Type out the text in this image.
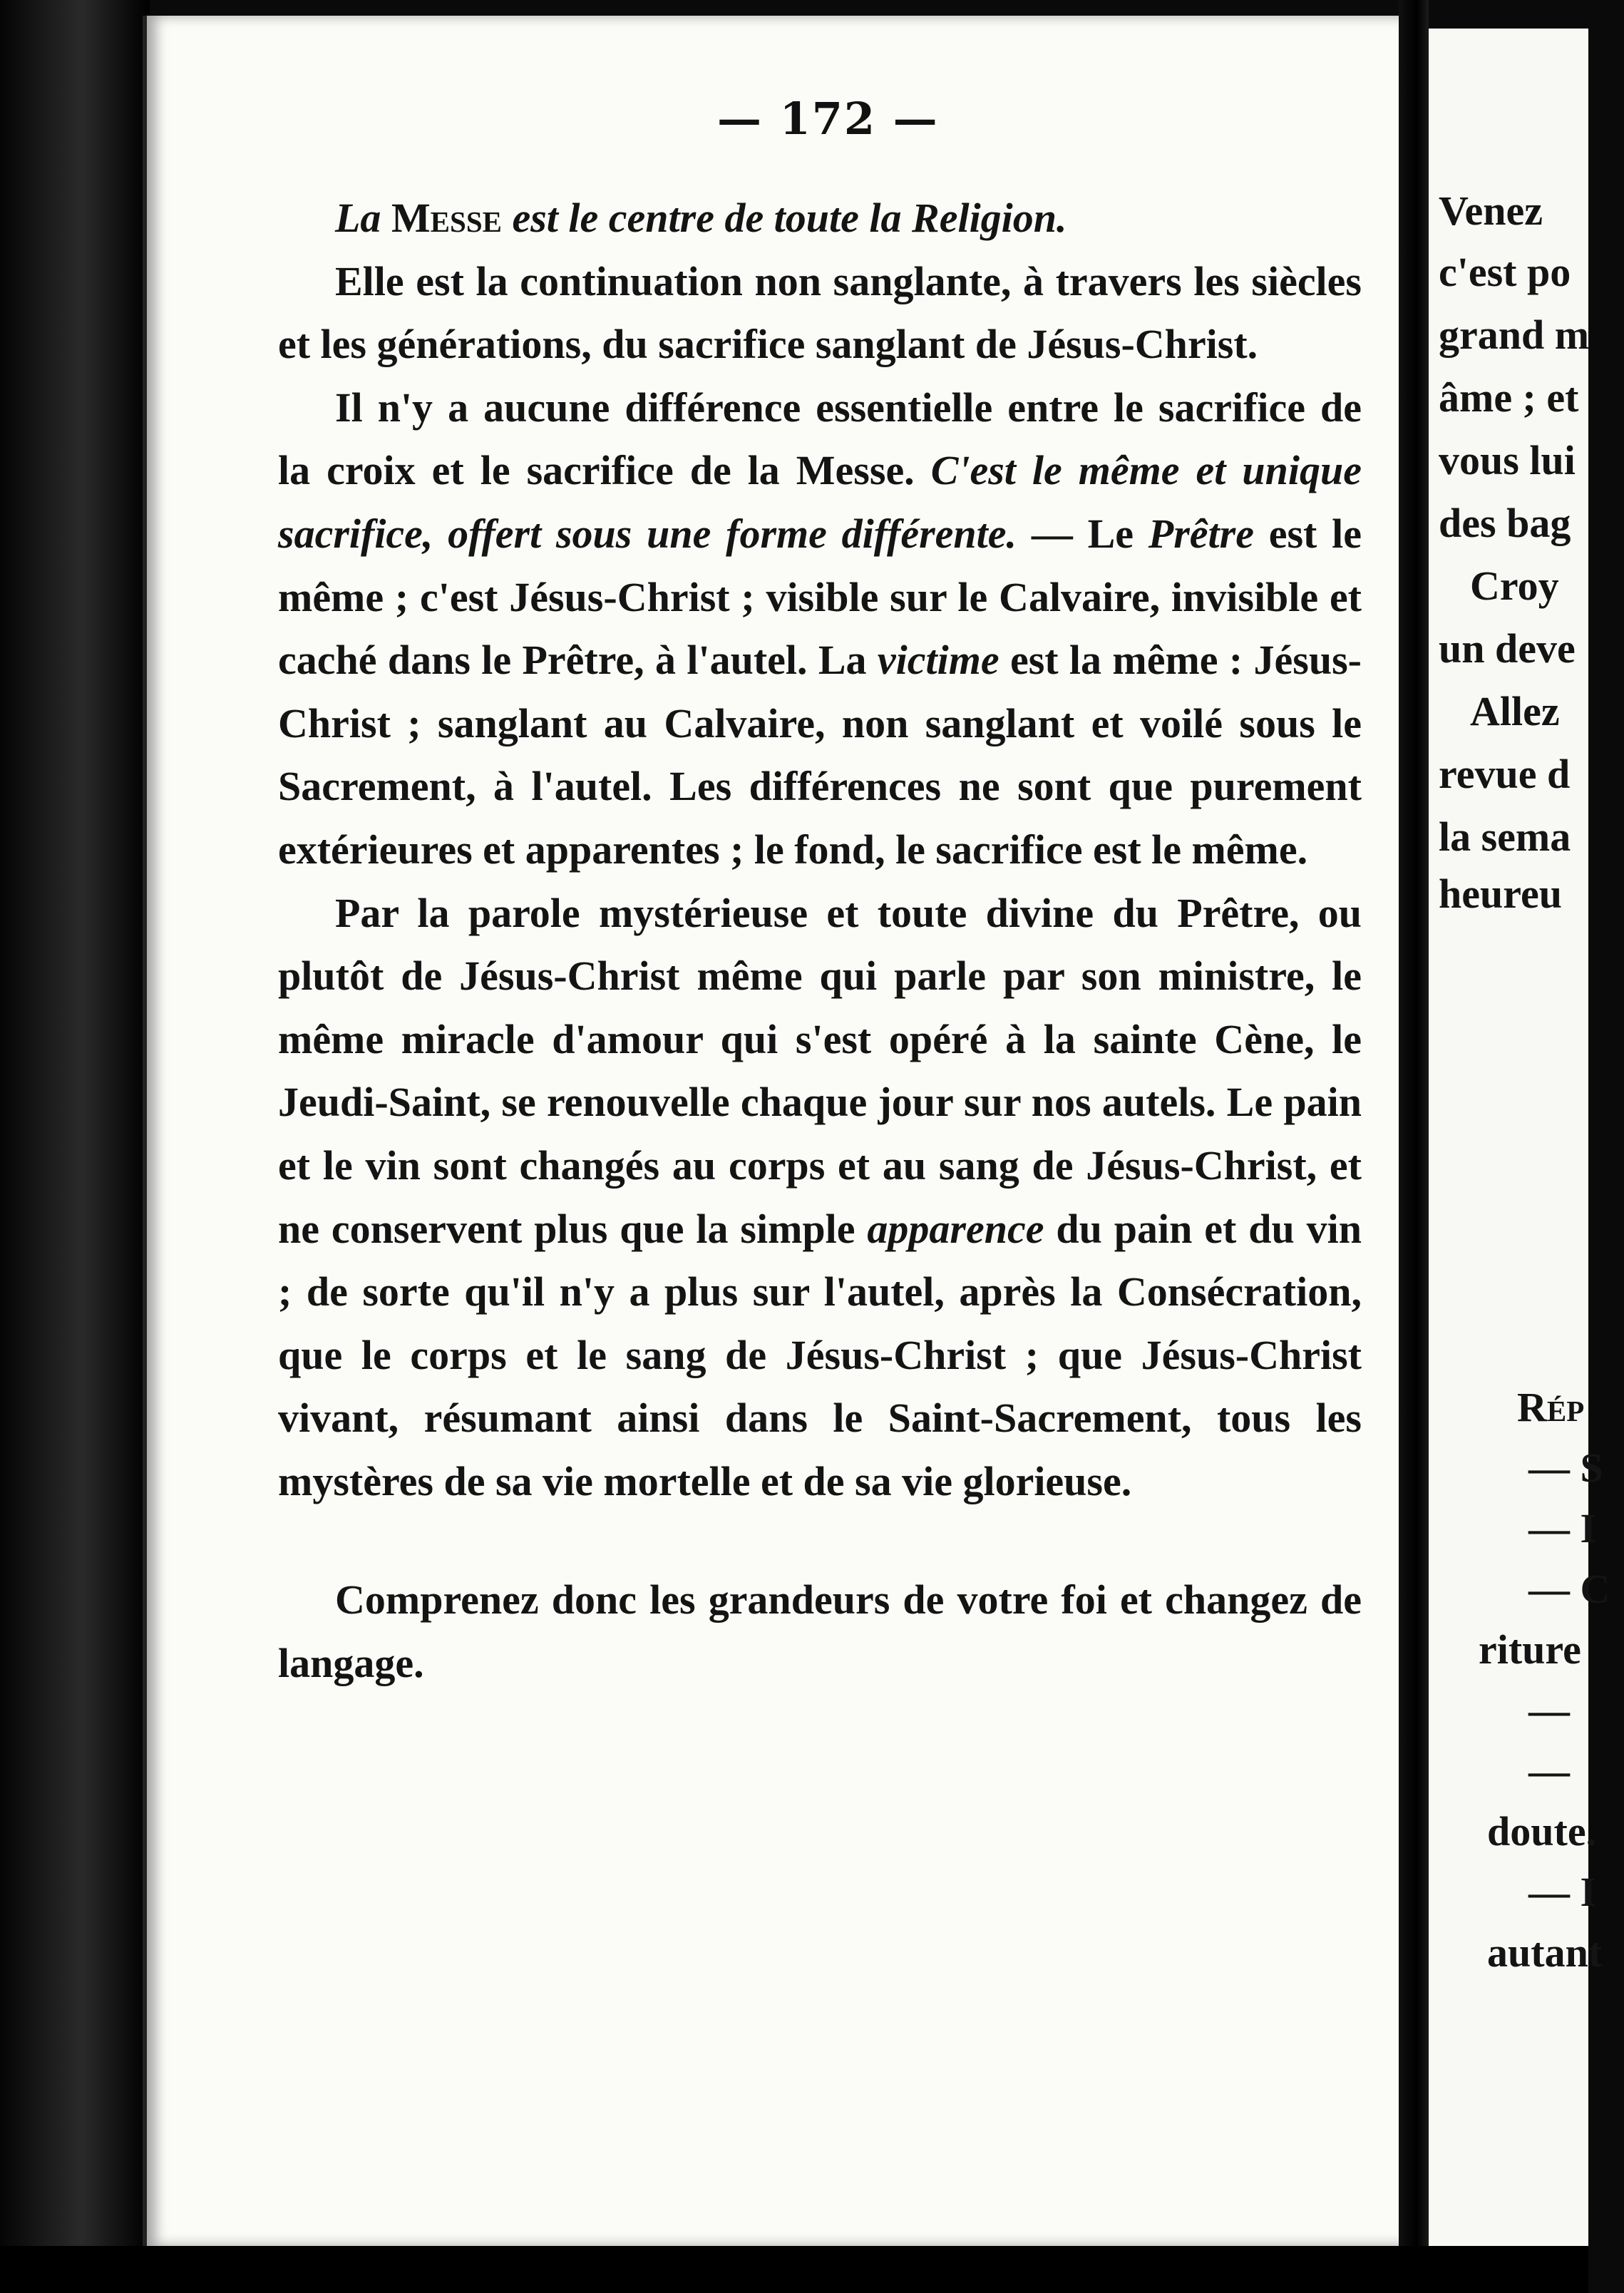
— 172 —

La Messe est le centre de toute la Religion.

Elle est la continuation non sanglante, à travers les siècles et les générations, du sacrifice sanglant de Jésus-Christ.

Il n'y a aucune différence essentielle entre le sacrifice de la croix et le sacrifice de la Messe. C'est le même et unique sacrifice, offert sous une forme différente. — Le Prêtre est le même ; c'est Jésus-Christ ; visible sur le Calvaire, invisible et caché dans le Prêtre, à l'autel. La victime est la même : Jésus-Christ ; sanglant au Calvaire, non sanglant et voilé sous le Sacrement, à l'autel. Les différences ne sont que purement extérieures et apparentes ; le fond, le sacrifice est le même.

Par la parole mystérieuse et toute divine du Prêtre, ou plutôt de Jésus-Christ même qui parle par son ministre, le même miracle d'amour qui s'est opéré à la sainte Cène, le Jeudi-Saint, se renouvelle chaque jour sur nos autels. Le pain et le vin sont changés au corps et au sang de Jésus-Christ, et ne conservent plus que la simple apparence du pain et du vin ; de sorte qu'il n'y a plus sur l'autel, après la Consécration, que le corps et le sang de Jésus-Christ ; que Jésus-Christ vivant, résumant ainsi dans le Saint-Sacrement, tous les mystères de sa vie mortelle et de sa vie glorieuse.

Comprenez donc les grandeurs de votre foi et changez de langage.

Venez
c'est po
grand m
âme ; et
vous lui
des bag
Croy
un deve
Allez
revue d
la sema
heureu
Rép
— S
— I
— C
riture
—
—
doute.
— I
autant
